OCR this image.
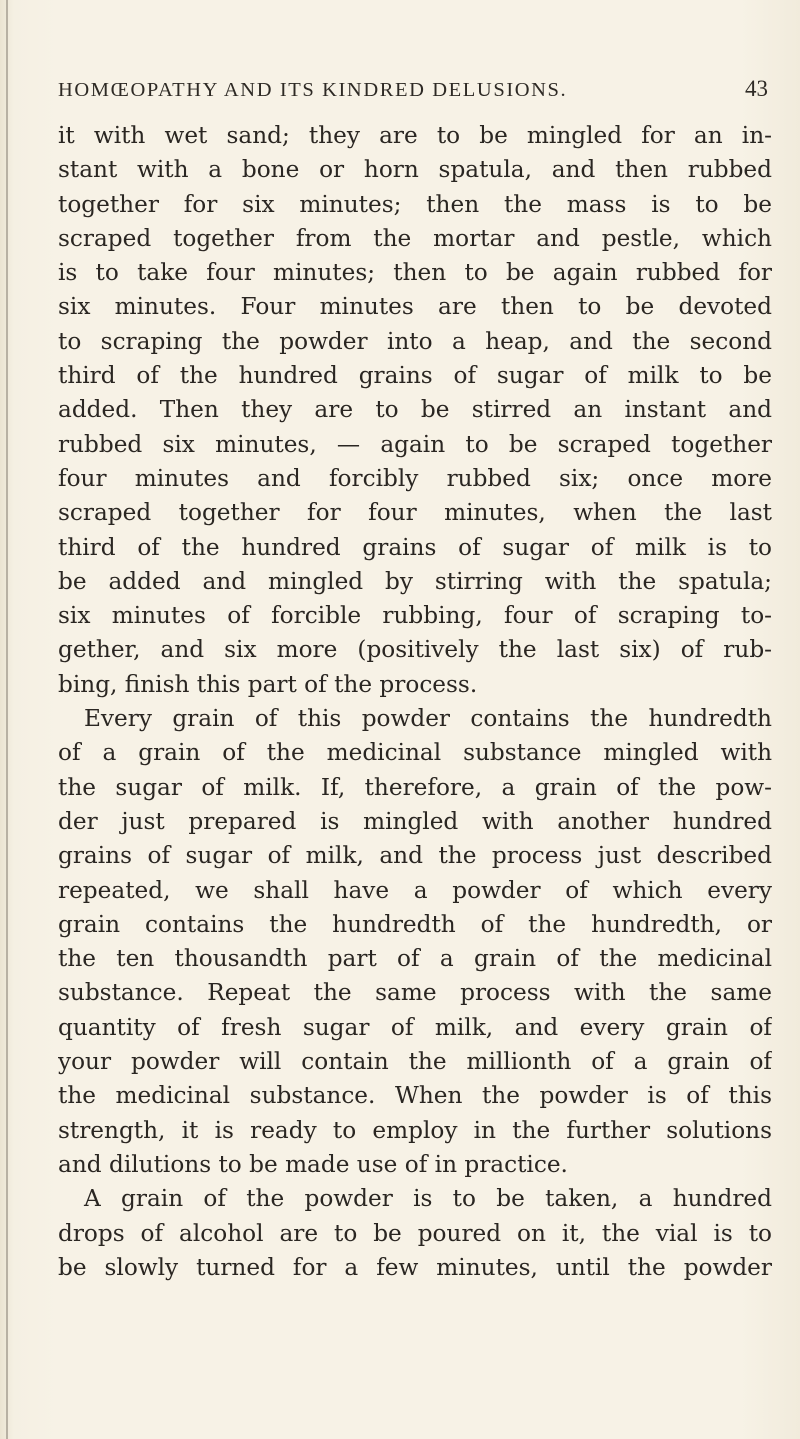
HOMŒOPATHY AND ITS KINDRED DELUSIONS.	43
it with wet sand; they are to be mingled for an in-
stant with a bone or horn spatula, and then rubbed
together for six minutes; then the mass is to be
scraped together from the mortar and pestle, which
is to take four minutes; then to be again rubbed for
six minutes. Four minutes are then to be devoted
to scraping the powder into a heap, and the second
third of the hundred grains of sugar of milk to be
added. Then they are to be stirred an instant and
rubbed six minutes, — again to be scraped together
four minutes and forcibly rubbed six; once more
scraped together for four minutes, when the last
third of the hundred grains of sugar of milk is to
be added and mingled by stirring with the spatula;
six minutes of forcible rubbing, four of scraping to-
gether, and six more (positively the last six) of rub-
bing, finish this part of the process.
Every grain of this powder contains the hundredth
of a grain of the medicinal substance mingled with
the sugar of milk. If, therefore, a grain of the pow-
der just prepared is mingled with another hundred
grains of sugar of milk, and the process just described
repeated, we shall have a powder of which every
grain contains the hundredth of the hundredth, or
the ten thousandth part of a grain of the medicinal
substance. Repeat the same process with the same
quantity of fresh sugar of milk, and every grain of
your powder will contain the millionth of a grain of
the medicinal substance. When the powder is of this
strength, it is ready to employ in the further solutions
and dilutions to be made use of in practice.
A grain of the powder is to be taken, a hundred
drops of alcohol are to be poured on it, the vial is to
be slowly turned for a few minutes, until the powder
